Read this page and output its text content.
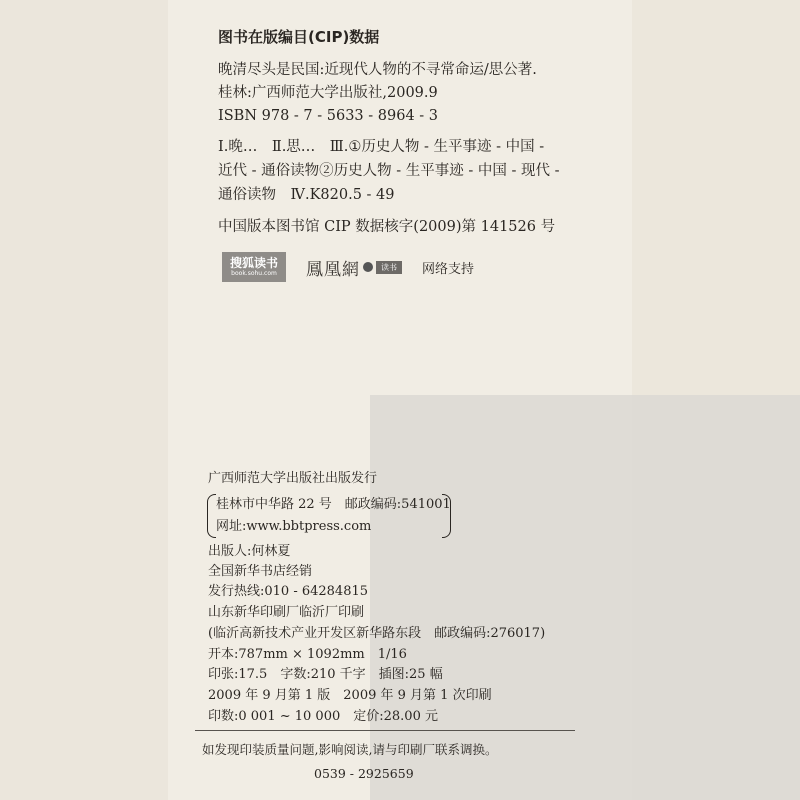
图书在版编目(CIP)数据
晚清尽头是民国:近现代人物的不寻常命运/思公著.
桂林:广西师范大学出版社,2009.9
ISBN 978 - 7 - 5633 - 8964 - 3
Ⅰ.晚…　Ⅱ.思…　Ⅲ.①历史人物 - 生平事迹 - 中国 -
近代 - 通俗读物②历史人物 - 生平事迹 - 中国 - 现代 -
通俗读物　Ⅳ.K820.5 - 49
中国版本图书馆 CIP 数据核字(2009)第 141526 号
搜狐读书
book.sohu.com 鳳凰網	读书	网络支持
广西师范大学出版社出版发行
桂林市中华路 22 号　邮政编码:541001
网址:www.bbtpress.com
出版人:何林夏
全国新华书店经销
发行热线:010 - 64284815
山东新华印刷厂临沂厂印刷
(临沂高新技术产业开发区新华路东段　邮政编码:276017)
开本:787mm × 1092mm　1/16
印张:17.5　字数:210 千字　插图:25 幅
2009 年 9 月第 1 版　2009 年 9 月第 1 次印刷
印数:0 001 ~ 10 000　定价:28.00 元
如发现印装质量问题,影响阅读,请与印刷厂联系调换。
0539 - 2925659
